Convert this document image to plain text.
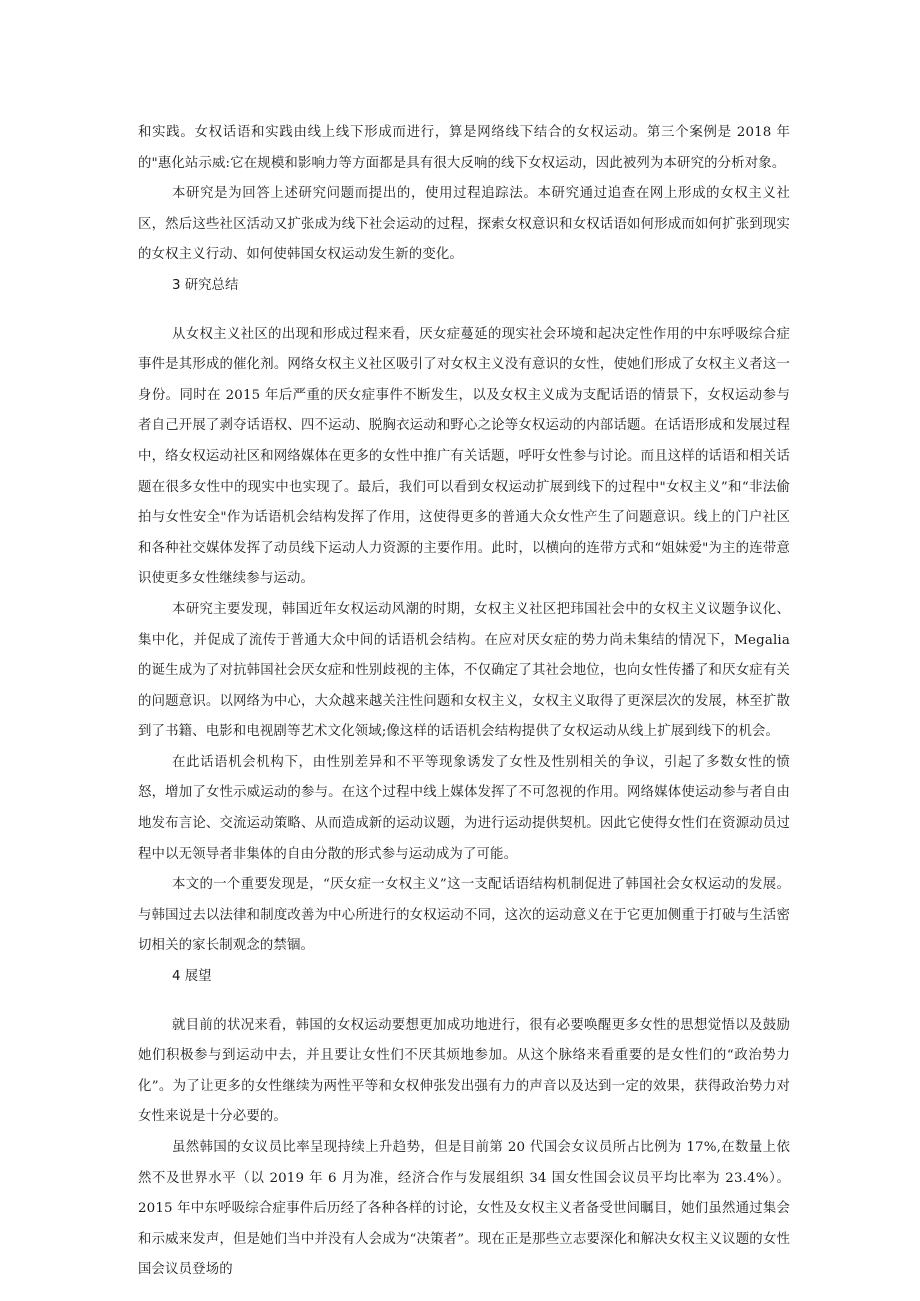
和实践。女权话语和实践由线上线下形成而进行，算是网络线下结合的女权运动。第三个案例是 2018 年的"惠化站示威:它在规模和影响力等方面都是具有很大反响的线下女权运动，因此被列为本研究的分析对象。

本研究是为回答上述研究问题而提出的，使用过程追踪法。本研究通过追查在网上形成的女权主义社区，然后这些社区活动又扩张成为线下社会运动的过程，探索女权意识和女权话语如何形成而如何扩张到现实的女权主义行动、如何使韩国女权运动发生新的变化。

3 研究总结

从女权主义社区的出现和形成过程来看，厌女症蔓延的现实社会环境和起决定性作用的中东呼吸综合症事件是其形成的催化剂。网络女权主义社区吸引了对女权主义没有意识的女性，使她们形成了女权主义者这一身份。同时在 2015 年后严重的厌女症事件不断发生，以及女权主义成为支配话语的情景下，女权运动参与者自己开展了剥夺话语权、四不运动、脱胸衣运动和野心之论等女权运动的内部话题。在话语形成和发展过程中，络女权运动社区和网络媒体在更多的女性中推广有关话题，呼吁女性参与讨论。而且这样的话语和相关话题在很多女性中的现实中也实现了。最后，我们可以看到女权运动扩展到线下的过程中"女权主义”和“非法偷拍与女性安全"作为话语机会结构发挥了作用，这使得更多的普通大众女性产生了问题意识。线上的门户社区和各种社交媒体发挥了动员线下运动人力资源的主要作用。此时，以横向的连带方式和“姐妹爱"为主的连带意识使更多女性继续参与运动。

本研究主要发现，韩国近年女权运动风潮的时期，女权主义社区把玮国社会中的女权主义议题争议化、集中化，并促成了流传于普通大众中间的话语机会结构。在应对厌女症的势力尚未集结的情况下，Megalia 的诞生成为了对抗韩国社会厌女症和性别歧视的主体，不仅确定了其社会地位，也向女性传播了和厌女症有关的问题意识。以网络为中心，大众越来越关注性问题和女权主义，女权主义取得了更深层次的发展，林至扩散到了书籍、电影和电视剧等艺术文化领域;像这样的话语机会结构提供了女权运动从线上扩展到线下的机会。

在此话语机会机构下，由性别差异和不平等现象诱发了女性及性别相关的争议，引起了多数女性的愤怒，增加了女性示威运动的参与。在这个过程中线上媒体发挥了不可忽视的作用。网络媒体使运动参与者自由地发布言论、交流运动策略、从而造成新的运动议题，为进行运动提供契机。因此它使得女性们在资源动员过程中以无领导者非集体的自由分散的形式参与运动成为了可能。

本文的一个重要发现是，“厌女症一女权主义”这一支配话语结构机制促进了韩国社会女权运动的发展。与韩国过去以法律和制度改善为中心所进行的女权运动不同，这次的运动意义在于它更加侧重于打破与生活密切相关的家长制观念的禁锢。

4 展望

就目前的状况来看，韩国的女权运动要想更加成功地进行，很有必要唤醒更多女性的思想觉悟以及鼓励她们积极参与到运动中去，并且要让女性们不厌其烦地参加。从这个脉络来看重要的是女性们的“政治势力化”。为了让更多的女性继续为两性平等和女权伸张发出强有力的声音以及达到一定的效果，获得政治势力对女性来说是十分必要的。

虽然韩国的女议员比率呈现持续上升趋势，但是目前第 20 代国会女议员所占比例为 17%,在数量上依然不及世界水平（以 2019 年 6 月为准，经济合作与发展组织 34 国女性国会议员平均比率为 23.4%）。2015 年中东呼吸综合症事件后历经了各种各样的讨论，女性及女权主义者备受世间瞩目，她们虽然通过集会和示威来发声，但是她们当中并没有人会成为“决策者”。现在正是那些立志要深化和解决女权主义议题的女性国会议员登场的
